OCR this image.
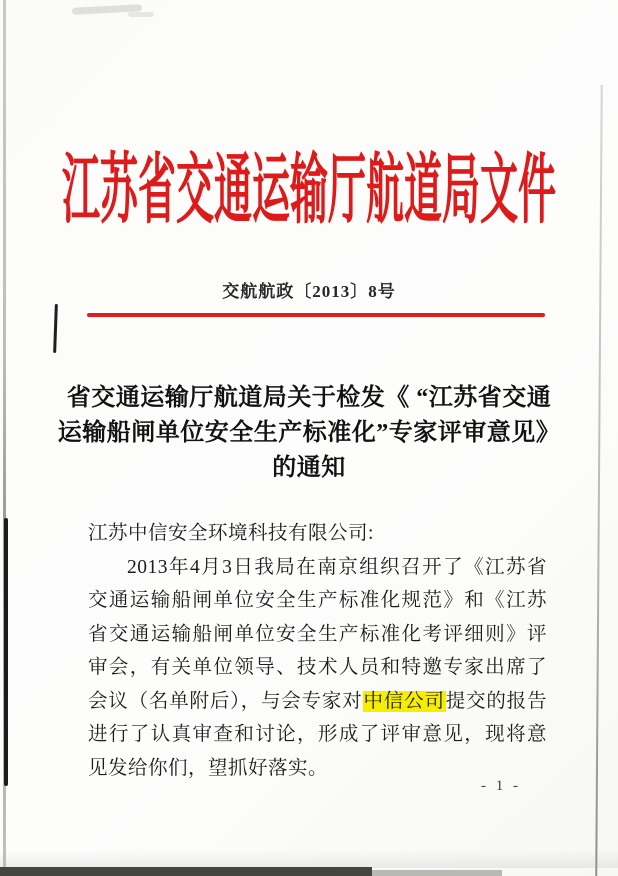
江苏省交通运输厅航道局文件
交航航政〔2013〕8号
省交通运输厅航道局关于检发《 “江苏省交通
运输船闸单位安全生产标准化”专家评审意见》
的通知
江苏中信安全环境科技有限公司:

2013年4月3日我局在南京组织召开了《江苏省交通运输船闸单位安全生产标准化规范》和《江苏省交通运输船闸单位安全生产标准化考评细则》评审会，有关单位领导、技术人员和特邀专家出席了会议（名单附后），与会专家对中信公司提交的报告进行了认真审查和讨论，形成了评审意见，现将意见发给你们，望抓好落实。

- 1 -
